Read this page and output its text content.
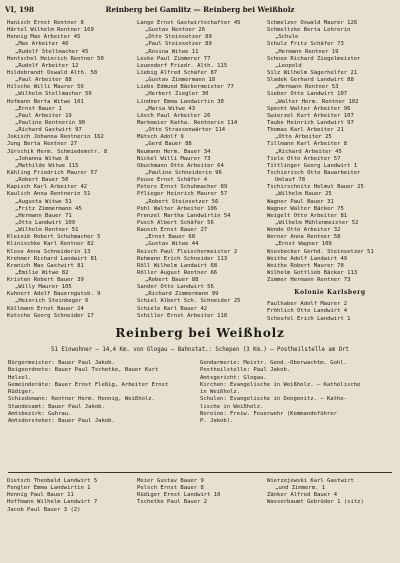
VI, 198	Reinberg bei Gamlitz — Reinberg bei Weißholz
Hanisch Ernst Rentner 8
Härtel Wilhelm Rentner 169
Hennig Max Arbeiter 45
„Max Arbeiter 40
„Rudolf Stellmacher 45
Hentschel Heinrich Rentner 50
„Rudolf Arbeiter 12
Hildebrandt Oswald Alth. 58
„Paul Arbeiter 88
Hilsche Willi Maurer 56
„Wilhelm Stellmacher 56
Hofmann Berta Witwe 101
„Ernst Bauer 1
„Paul Arbeiter 19
„Pauline Rentnerin 90
„Richard Gastwirt 97
Jokisch Johanna Rentnerin 162
Jung Berta Rentner 27
Jürschik Herm. Schmiedemstr. 8
„Johanna Witwe 8
„Mathilde Witwe 115
Kähling Friedrich Maurer 57
„Robert Bauer 50
Kapisch Karl Arbeiter 42
Kaulich Anna Rentnerin 51
„Augusta Witwe 51
„Fritz Zimmermann 45
„Hermann Bauer 71
„Otto Landwirt 109
„Wilhelm Rentner 51
Kleinik Robert Schuhmacher 5
Klinischke Karl Rentner 82
Klose Anna Schneiderin 13
Krehmer Richard Landwirt 81
Kranich Max Gastwirt 81
„Emilie Witwe 82
Kristen Robert Bauer 39
„Willy Maurer 105
Kuhnert Adolf Bauerngutsb. 9
„Heinrich Steinbeger 6
Küllmann Ernst Bauer 24
Kutsche Georg Schneider 17
Lange Ernst Gastwirtschafter 45
„Gustav Rentner 26
„Otto Steinsetzer 89
„Paul Steinsetzer 89
„Rosina Witwe 11
Leske Paul Zimmerer 77
Leuendorf Friedr. Alth. 115
Liebig Alfred Schäfer 87
„Gustav Zimmermann 18
Liebs Edmund Bäckermeister 77
„Herbert Ziegler 30
Lindner Emma Landwirtin 30
„Maria Witwe 43
Lösch Paul Arbeiter 26
Markmeier Katha. Rentnerin 114
„Otto Strassenwärter 114
Mütsch Adolf 9
„Gerd Bauer 88
Neumann Herm. Bauer 34
Nickel Willi Maurer 73
Obuchmann Otto Arbeiter 64
„Pauline Schneiderin 96
Peuse Ernst Schäfer 4
Peters Ernst Schuhmacher 89
Pflieger Heinrich Maurer 57
„Robert Steinsetzer 56
Pohl Walter Arbeiter 106
Prenzel Martha Landwirtin 54
Pusch Albert Schäfer 56
Rausch Ernst Bauer 27
„Ernst Bauer 68
„Gustav Witwe 44
Reisch Paul Fleischermeister 2
Rehmann Erich Schneider 113
Röll Wilhelm Landwirt 68
Röller August Rentner 66
„Robert Bauer 88
Sander Otto Landwirt 56
„Richard Zimmermann 99
Schiel Albert Sch. Schneider 25
Schiele Karl Bauer 42
Schiller Ernst Arbeiter 118
Schmelzer Oswald Maurer 126
Schmeltzke Berta Lehrerin
„Schule
Schulz Fritz Schäfer 73
„Hermann Rentner 19
Schnee Richard Ziegelmeister
„Leopold
Silz Wilhelm Sägerhelfer 21
Sladek Gerhard Landwirt 88
„Hermann Rentner 53
Sieber Otto Landwirt 107
„Walter Herm. Rentner 102
Specht Walter Arbeiter 96
Swierzel Kurt Arbeiter 107
Taube Heinrich Landwirt 97
Thomas Karl Arbeiter 21
„Otto Arbeiter 25
Tillmann Karl Arbeiter 8
„Richard Arbeiter 45
Tiele Otto Arbeiter 57
Tittlinger Georg Landwirt 1
Tschierisch Otto Bauarbeiter
Umlauf 78
Tschirschnitz Helmut Bauer 25
„Wilhelm Bauer 25
Wagner Paul Bauer 31
Wagner Walter Bäcker 75
Weigelt Otto Arbeiter 81
„Wilhelm Mühlenmeister 52
Wende Otto Arbeiter 32
Werner Anna Rentner 58
„Ernst Wagner 109
Wiesbecker Gerhd. Steinsetzer 51
Woithe Adolf Landwirt 49
Woithe Robert Maurer 78
Wilhelm Gottlieb Bäcker 113
Zimmer Hermann Rentner 73
Kolonie Karlsberg
Faulhaber Adolf Maurer 2
Fröhlich Otto Landwirt 4
Scheufel Erich Landwirt 1
Reinberg bei Weißholz
51 Einwohner — 14,4 Km. von Glogau — Bahnstat.: Schepen (3 Km.) — Postheilstelle am Ort
Bürgermeister: Bauer Paul Jakob.
Beigeordnete: Bauer Paul Tschetke, Bauer Kurt
Helzel.
Gemeinderäte: Bauer Ernst Fleßig, Arbeiter Ernst
Rüdiger.
Schiedsmann: Rentner Herm. Hennig, Weißholz.
Standesamt: Bauer Paul Jakob.
Amtsbezirk: Guhrau.
Amtsdorsteher: Bauer Paul Jakob.
Gendarmerie: Meistr. Gend.-Oberwachtm. Gohl.
Postheilstelle: Paul Jakob.
Amtsgericht: Glogau.
Kirchen: Evangelische in Weißholz. — Katholische
in Weißholz.
Schulen: Evangelische in Dongenitz. — Katho-
lische in Weißholz.
Bereine: Freiw. Feuerwehr (Kommandoführer
P. Jakob).
Dietsch Theobald Landwirt 5
Fengler Emma Landwirtin 1
Hennig Paul Bauer 11
Hoffmann Wilhelm Landwirt 7
Jacob Paul Bauer 3 (2)
Meier Gustav Bauer 9
Pelsch Ernst Bauer 8
Rüdiger Ernst Landwirt 10
Tschetke Paul Bauer 2
Wierzejewski Karl Gastwirt
„und Zimmerm. 1
Zänker Alfred Bauer 4
Wasserbaumt Gebrüder 1 (sitz)
